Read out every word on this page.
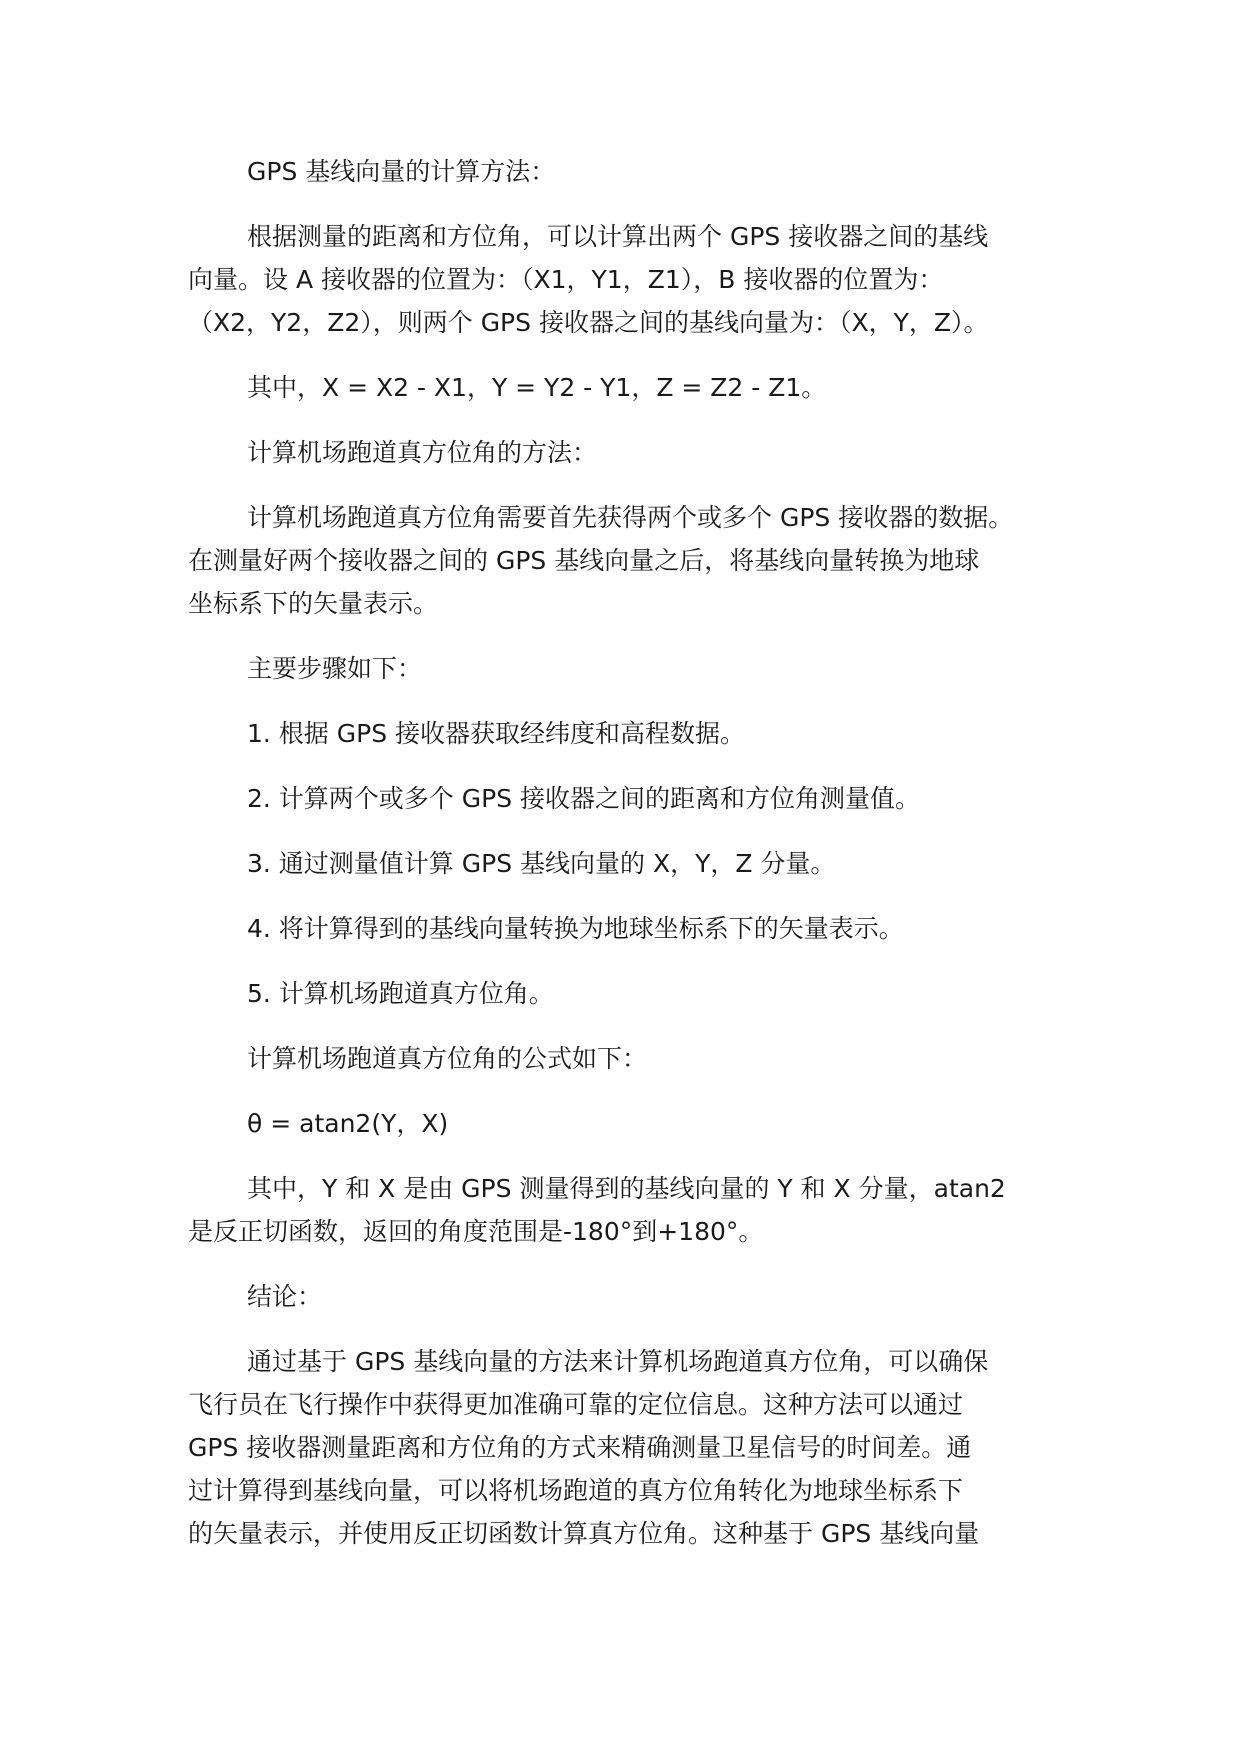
GPS 基线向量的计算方法：
根据测量的距离和方位角，可以计算出两个 GPS 接收器之间的基线
向量。设 A 接收器的位置为：（X1，Y1，Z1），B 接收器的位置为：
（X2，Y2，Z2），则两个 GPS 接收器之间的基线向量为：（X，Y，Z）。
其中，X = X2 - X1，Y = Y2 - Y1，Z = Z2 - Z1。
计算机场跑道真方位角的方法：
计算机场跑道真方位角需要首先获得两个或多个 GPS 接收器的数据。
在测量好两个接收器之间的 GPS 基线向量之后，将基线向量转换为地球
坐标系下的矢量表示。
主要步骤如下：
1. 根据 GPS 接收器获取经纬度和高程数据。
2. 计算两个或多个 GPS 接收器之间的距离和方位角测量值。
3. 通过测量值计算 GPS 基线向量的 X，Y，Z 分量。
4. 将计算得到的基线向量转换为地球坐标系下的矢量表示。
5. 计算机场跑道真方位角。
计算机场跑道真方位角的公式如下：
θ = atan2(Y，X)
其中，Y 和 X 是由 GPS 测量得到的基线向量的 Y 和 X 分量，atan2
是反正切函数，返回的角度范围是-180°到+180°。
结论：
通过基于 GPS 基线向量的方法来计算机场跑道真方位角，可以确保
飞行员在飞行操作中获得更加准确可靠的定位信息。这种方法可以通过
GPS 接收器测量距离和方位角的方式来精确测量卫星信号的时间差。通
过计算得到基线向量，可以将机场跑道的真方位角转化为地球坐标系下
的矢量表示，并使用反正切函数计算真方位角。这种基于 GPS 基线向量
